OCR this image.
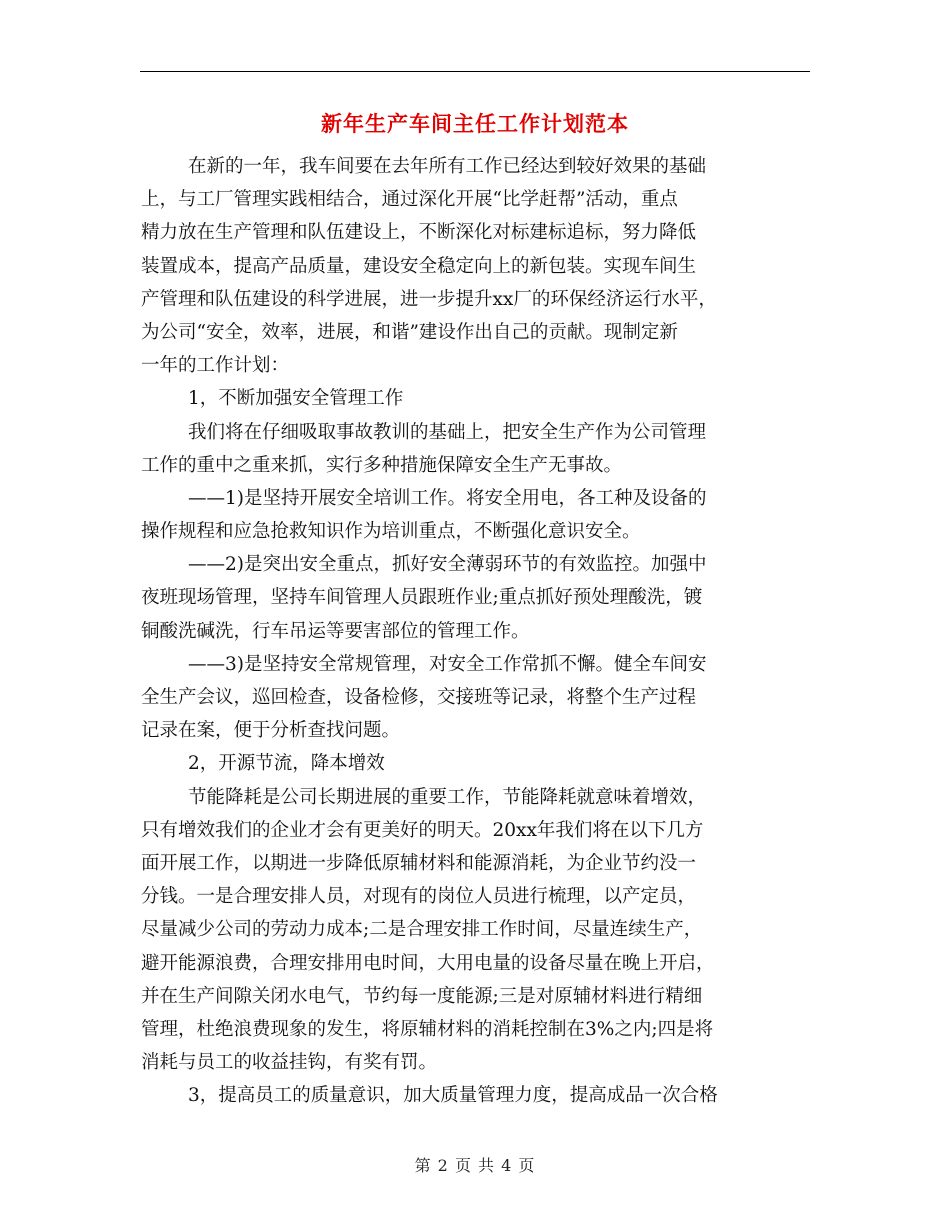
新年生产车间主任工作计划范本
在新的一年，我车间要在去年所有工作已经达到较好效果的基础
上，与工厂管理实践相结合，通过深化开展“比学赶帮”活动，重点
精力放在生产管理和队伍建设上，不断深化对标建标追标，努力降低
装置成本，提高产品质量，建设安全稳定向上的新包装。实现车间生
产管理和队伍建设的科学进展，进一步提升xx厂的环保经济运行水平，
为公司“安全，效率，进展，和谐”建设作出自己的贡献。现制定新
一年的工作计划：
1，不断加强安全管理工作
我们将在仔细吸取事故教训的基础上，把安全生产作为公司管理
工作的重中之重来抓，实行多种措施保障安全生产无事故。
——1)是坚持开展安全培训工作。将安全用电，各工种及设备的
操作规程和应急抢救知识作为培训重点，不断强化意识安全。
——2)是突出安全重点，抓好安全薄弱环节的有效监控。加强中
夜班现场管理，坚持车间管理人员跟班作业;重点抓好预处理酸洗，镀
铜酸洗碱洗，行车吊运等要害部位的管理工作。
——3)是坚持安全常规管理，对安全工作常抓不懈。健全车间安
全生产会议，巡回检查，设备检修，交接班等记录，将整个生产过程
记录在案，便于分析查找问题。
2，开源节流，降本增效
节能降耗是公司长期进展的重要工作，节能降耗就意味着增效，
只有增效我们的企业才会有更美好的明天。20xx年我们将在以下几方
面开展工作，以期进一步降低原辅材料和能源消耗，为企业节约没一
分钱。一是合理安排人员，对现有的岗位人员进行梳理，以产定员，
尽量减少公司的劳动力成本;二是合理安排工作时间，尽量连续生产，
避开能源浪费，合理安排用电时间，大用电量的设备尽量在晚上开启，
并在生产间隙关闭水电气，节约每一度能源;三是对原辅材料进行精细
管理，杜绝浪费现象的发生，将原辅材料的消耗控制在3%之内;四是将
消耗与员工的收益挂钩，有奖有罚。
3，提高员工的质量意识，加大质量管理力度，提高成品一次合格
第 2 页 共 4 页
